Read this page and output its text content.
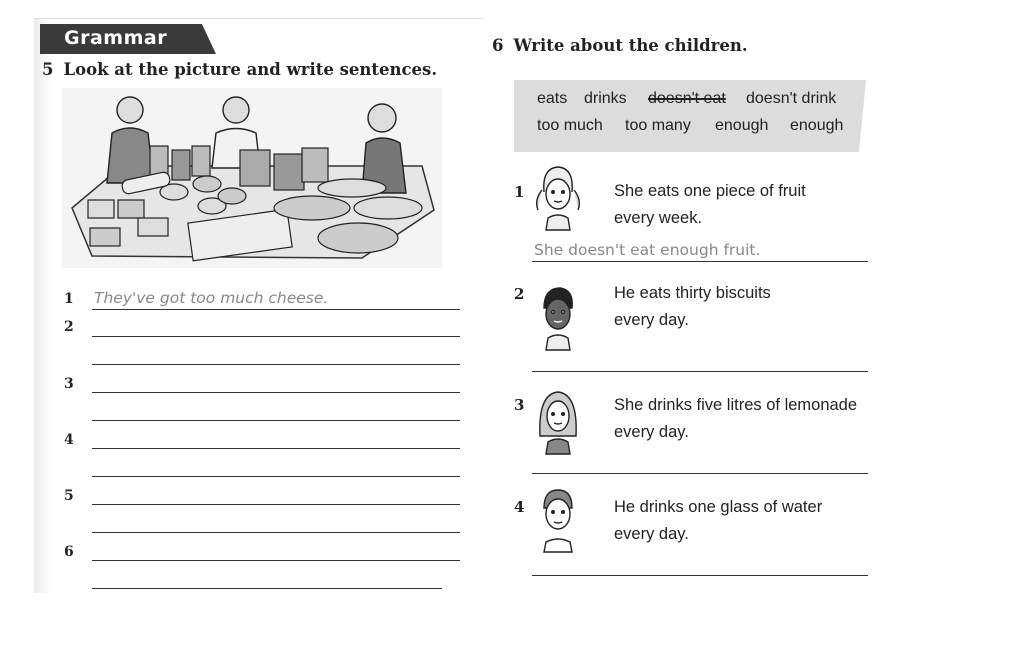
Grammar
5 Look at the picture and write sentences.
1 They've got too much cheese.
2
3
4
5
6
6 Write about the children.
eats drinks doesn't eat doesn't drink
too much too many enough enough
1	She eats one piece of fruit
every week.
She doesn't eat enough fruit.
2	He eats thirty biscuits
every day.
3	She drinks five litres of lemonade
every day.
4	He drinks one glass of water
every day.
